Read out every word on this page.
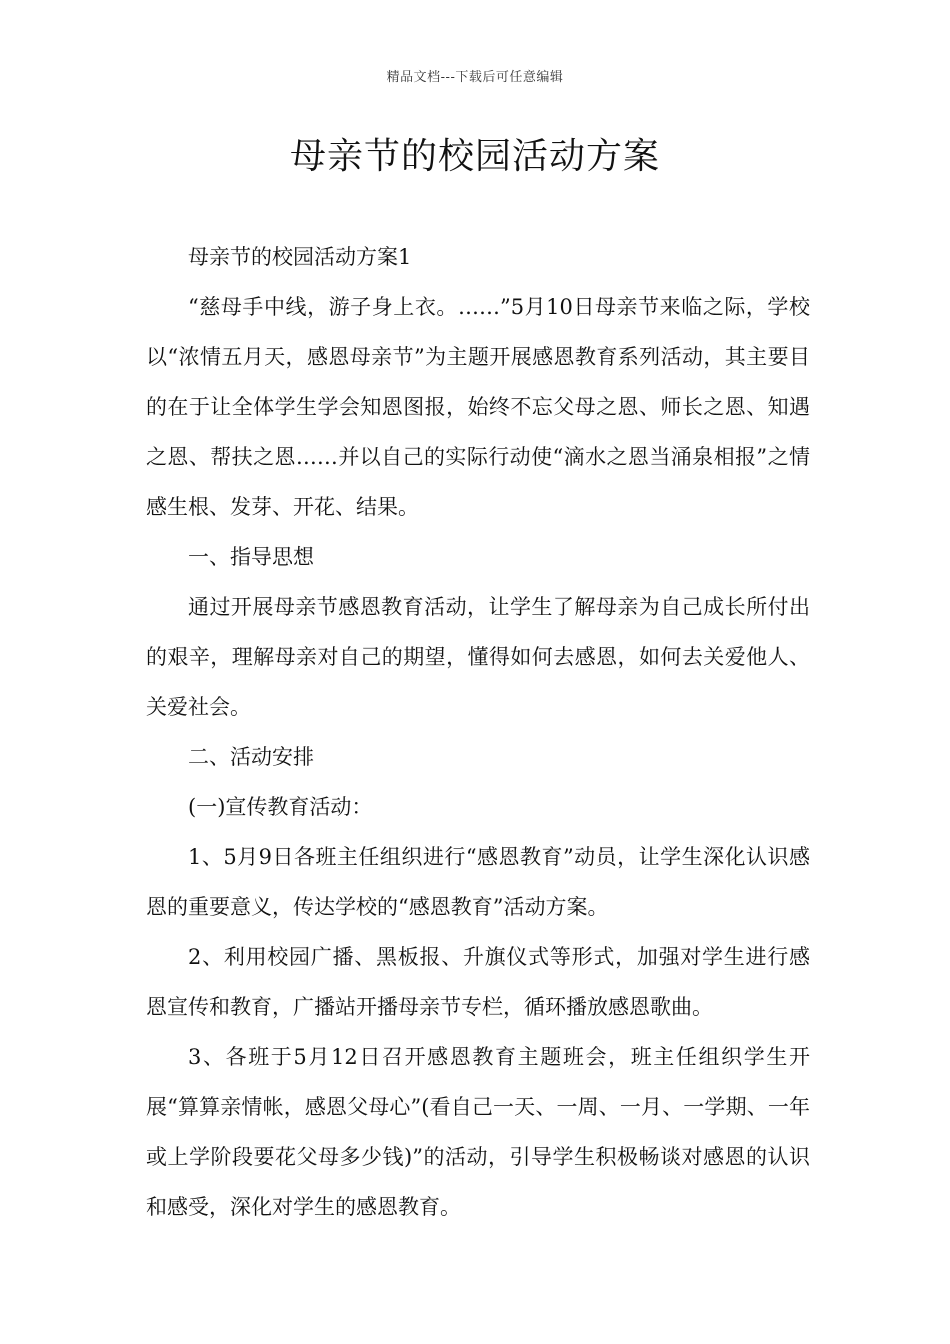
精品文档---下载后可任意编辑
母亲节的校园活动方案

母亲节的校园活动方案1

“慈母手中线，游子身上衣。……”5月10日母亲节来临之际，学校以“浓情五月天，感恩母亲节”为主题开展感恩教育系列活动，其主要目的在于让全体学生学会知恩图报，始终不忘父母之恩、师长之恩、知遇之恩、帮扶之恩……并以自己的实际行动使“滴水之恩当涌泉相报”之情感生根、发芽、开花、结果。

一、指导思想

通过开展母亲节感恩教育活动，让学生了解母亲为自己成长所付出的艰辛，理解母亲对自己的期望，懂得如何去感恩，如何去关爱他人、关爱社会。

二、活动安排

(一)宣传教育活动：

1、5月9日各班主任组织进行“感恩教育”动员，让学生深化认识感恩的重要意义，传达学校的“感恩教育”活动方案。

2、利用校园广播、黑板报、升旗仪式等形式，加强对学生进行感恩宣传和教育，广播站开播母亲节专栏，循环播放感恩歌曲。

3、各班于5月12日召开感恩教育主题班会，班主任组织学生开展“算算亲情帐，感恩父母心”(看自己一天、一周、一月、一学期、一年或上学阶段要花父母多少钱)”的活动，引导学生积极畅谈对感恩的认识和感受，深化对学生的感恩教育。
